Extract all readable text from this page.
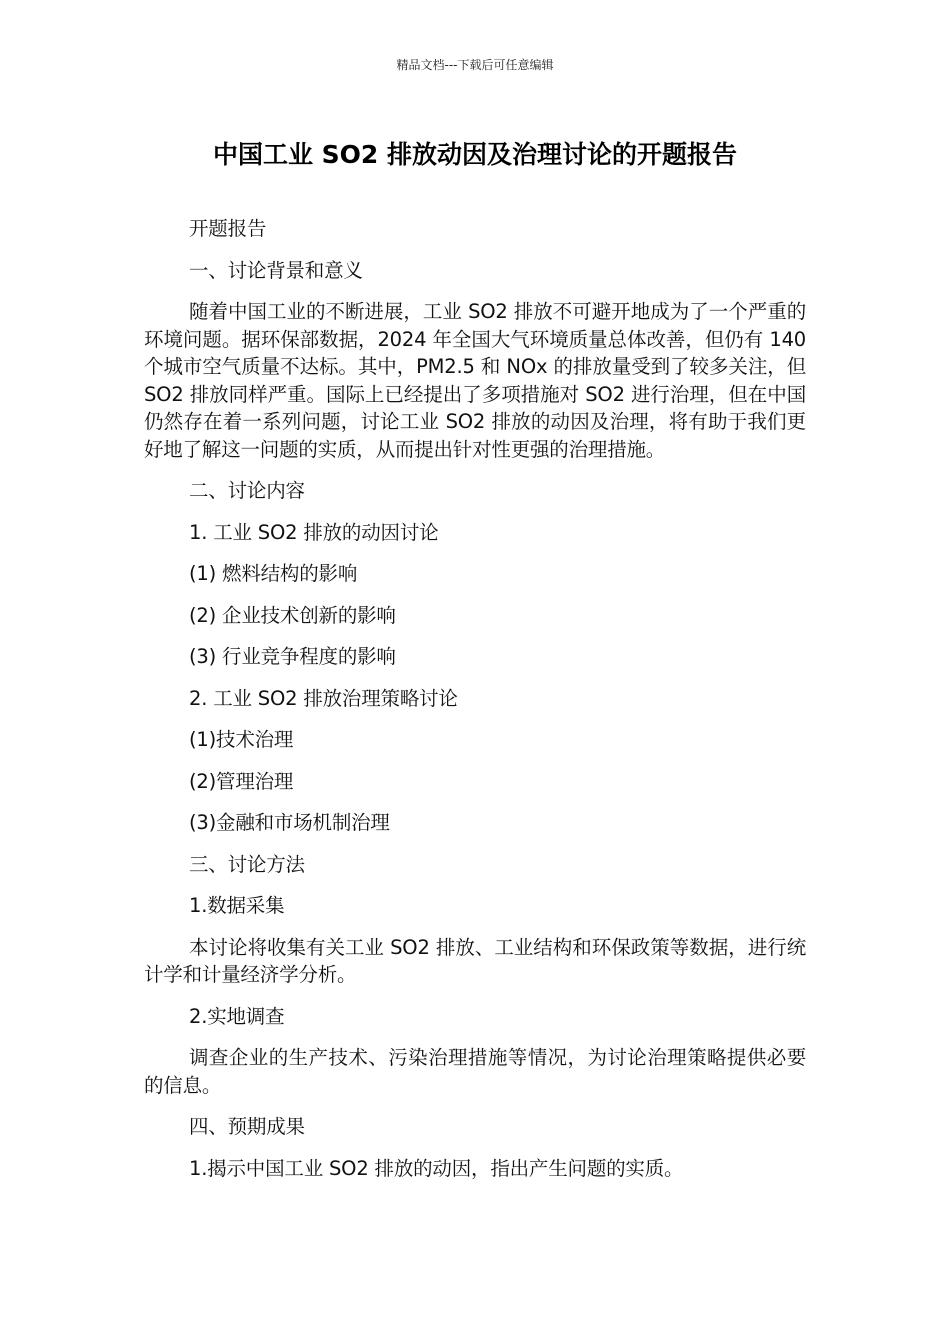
精品文档---下载后可任意编辑
中国工业 SO2 排放动因及治理讨论的开题报告

开题报告

一、讨论背景和意义

随着中国工业的不断进展，工业 SO2 排放不可避开地成为了一个严重的环境问题。据环保部数据，2024 年全国大气环境质量总体改善，但仍有 140 个城市空气质量不达标。其中，PM2.5 和 NOx 的排放量受到了较多关注，但 SO2 排放同样严重。国际上已经提出了多项措施对 SO2 进行治理，但在中国仍然存在着一系列问题，讨论工业 SO2 排放的动因及治理，将有助于我们更好地了解这一问题的实质，从而提出针对性更强的治理措施。

二、讨论内容

1. 工业 SO2 排放的动因讨论

(1) 燃料结构的影响

(2) 企业技术创新的影响

(3) 行业竞争程度的影响

2. 工业 SO2 排放治理策略讨论

(1)技术治理

(2)管理治理

(3)金融和市场机制治理

三、讨论方法

1.数据采集

本讨论将收集有关工业 SO2 排放、工业结构和环保政策等数据，进行统计学和计量经济学分析。

2.实地调查

调查企业的生产技术、污染治理措施等情况，为讨论治理策略提供必要的信息。

四、预期成果

1.揭示中国工业 SO2 排放的动因，指出产生问题的实质。
